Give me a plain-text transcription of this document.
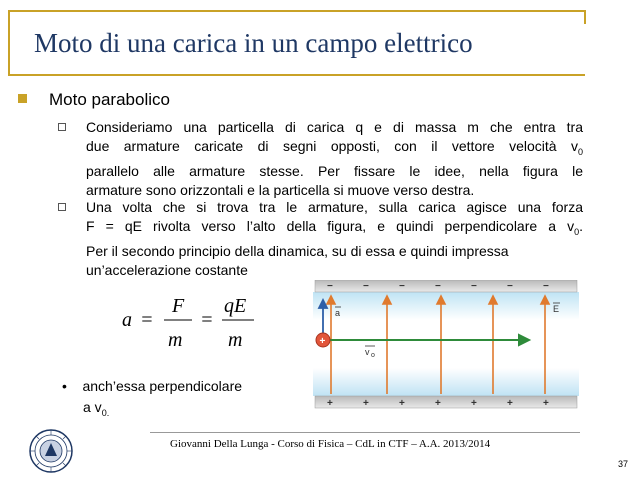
Moto di una carica in un campo elettrico
Moto parabolico
Consideriamo una particella di carica q e di massa m che entra tra
due armature caricate di segni opposti, con il vettore velocità $v_0$
parallelo alle armature stesse. Per fissare le idee, nella figura le
armature sono orizzontali e la particella si muove verso destra.
Una volta che si trova tra le armature, sulla carica agisce una forza
F = qE rivolta verso l’alto della figura, e quindi perpendicolare a $v_0$.
Per il secondo principio della dinamica, su di essa e quindi impressa
un’accelerazione costante
a =
F
m
=
qE
m
• anch’essa perpendicolare
a $v_{0.}$
−	−	−	−	−	−	−
+	+	+	+	+	+	+
+
a
v o
E
Giovanni Della Lunga - Corso di Fisica – CdL in CTF – A.A. 2013/2014
37
